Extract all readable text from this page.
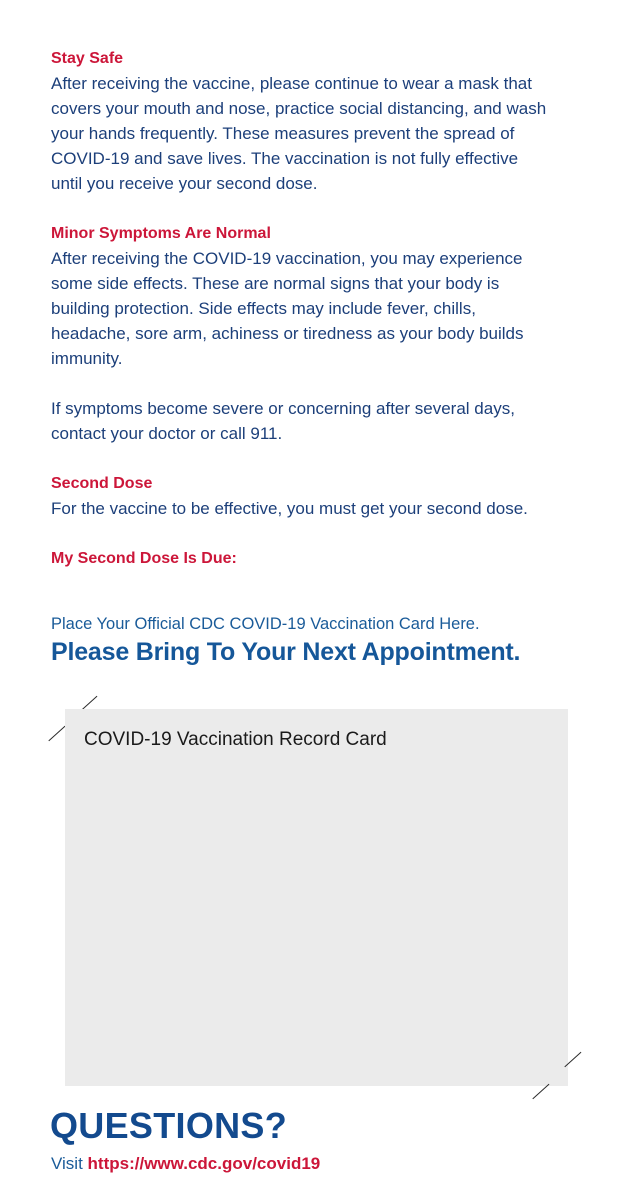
Stay Safe

After receiving the vaccine, please continue to wear a mask that
covers your mouth and nose, practice social distancing, and wash
your hands frequently. These measures prevent the spread of
COVID-19 and save lives. The vaccination is not fully effective
until you receive your second dose.

Minor Symptoms Are Normal

After receiving the COVID-19 vaccination, you may experience
some side effects. These are normal signs that your body is
building protection. Side effects may include fever, chills,
headache, sore arm, achiness or tiredness as your body builds
immunity.

If symptoms become severe or concerning after several days,
contact your doctor or call 911.

Second Dose

For the vaccine to be effective, you must get your second dose.

My Second Dose Is Due:

Place Your Official CDC COVID-19 Vaccination Card Here.
Please Bring To Your Next Appointment.
COVID-19 Vaccination Record Card
QUESTIONS?
Visit https://www.cdc.gov/covid19
